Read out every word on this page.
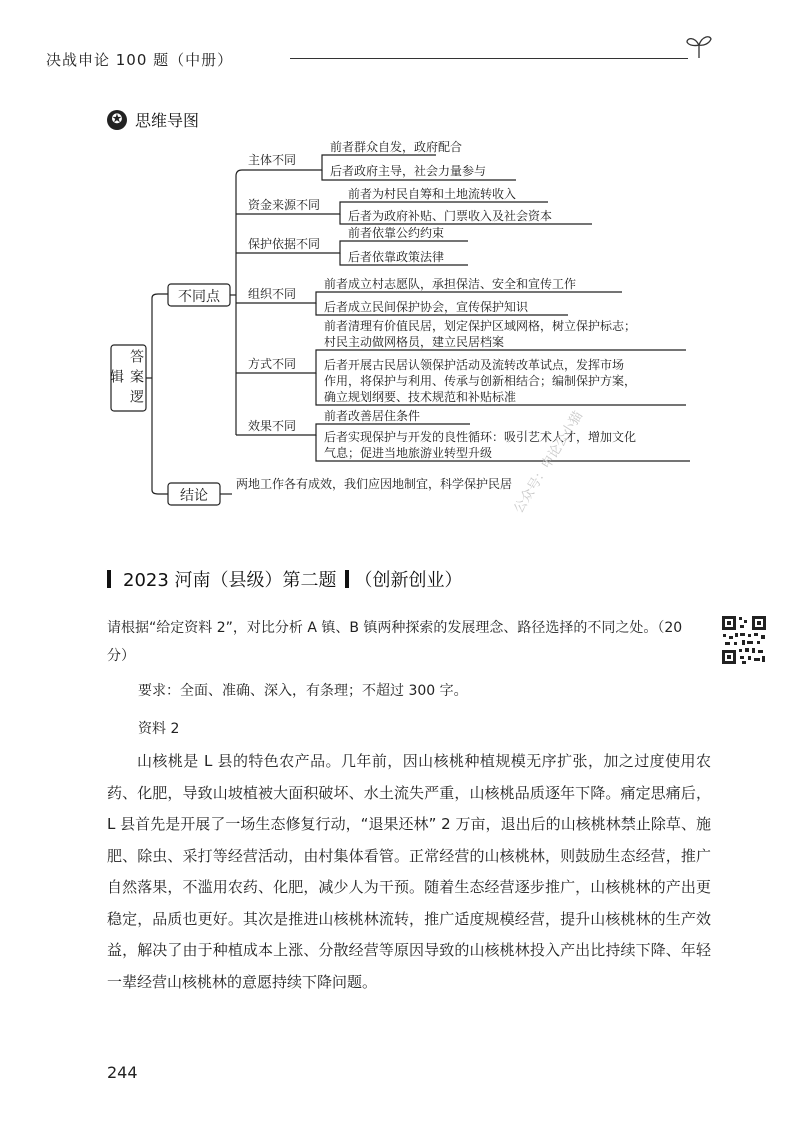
决战申论 100 题（中册）
✪ 思维导图
答案逻辑
不同点
主体不同
前者群众自发，政府配合
后者政府主导，社会力量参与
资金来源不同
前者为村民自筹和土地流转收入
后者为政府补贴、门票收入及社会资本
保护依据不同
前者依靠公约约束
后者依靠政策法律
组织不同
前者成立村志愿队，承担保洁、安全和宣传工作
后者成立民间保护协会，宣传保护知识
方式不同
前者清理有价值民居，划定保护区域网格，树立保护标志；
村民主动做网格员，建立民居档案
后者开展古民居认领保护活动及流转改革试点，发挥市场
作用，将保护与利用、传承与创新相结合；编制保护方案，
确立规划纲要、技术规范和补贴标准
效果不同
前者改善居住条件
后者实现保护与开发的良性循环：吸引艺术人才，增加文化
气息；促进当地旅游业转型升级
结论
两地工作各有成效，我们应因地制宜，科学保护民居 公众号：申论公小猫
2023 河南（县级）第二题 （创新创业）
请根据“给定资料 2”，对比分析 A 镇、B 镇两种探索的发展理念、路径选择的不同之处。（20 分）
要求：全面、准确、深入，有条理；不超过 300 字。
资料 2
山核桃是 L 县的特色农产品。几年前，因山核桃种植规模无序扩张，加之过度使用农药、化肥，导致山坡植被大面积破坏、水土流失严重，山核桃品质逐年下降。痛定思痛后，L 县首先是开展了一场生态修复行动，“退果还林” 2 万亩，退出后的山核桃林禁止除草、施肥、除虫、采打等经营活动，由村集体看管。正常经营的山核桃林，则鼓励生态经营，推广自然落果，不滥用农药、化肥，减少人为干预。随着生态经营逐步推广，山核桃林的产出更稳定，品质也更好。其次是推进山核桃林流转，推广适度规模经营，提升山核桃林的生产效益，解决了由于种植成本上涨、分散经营等原因导致的山核桃林投入产出比持续下降、年轻一辈经营山核桃林的意愿持续下降问题。
244
